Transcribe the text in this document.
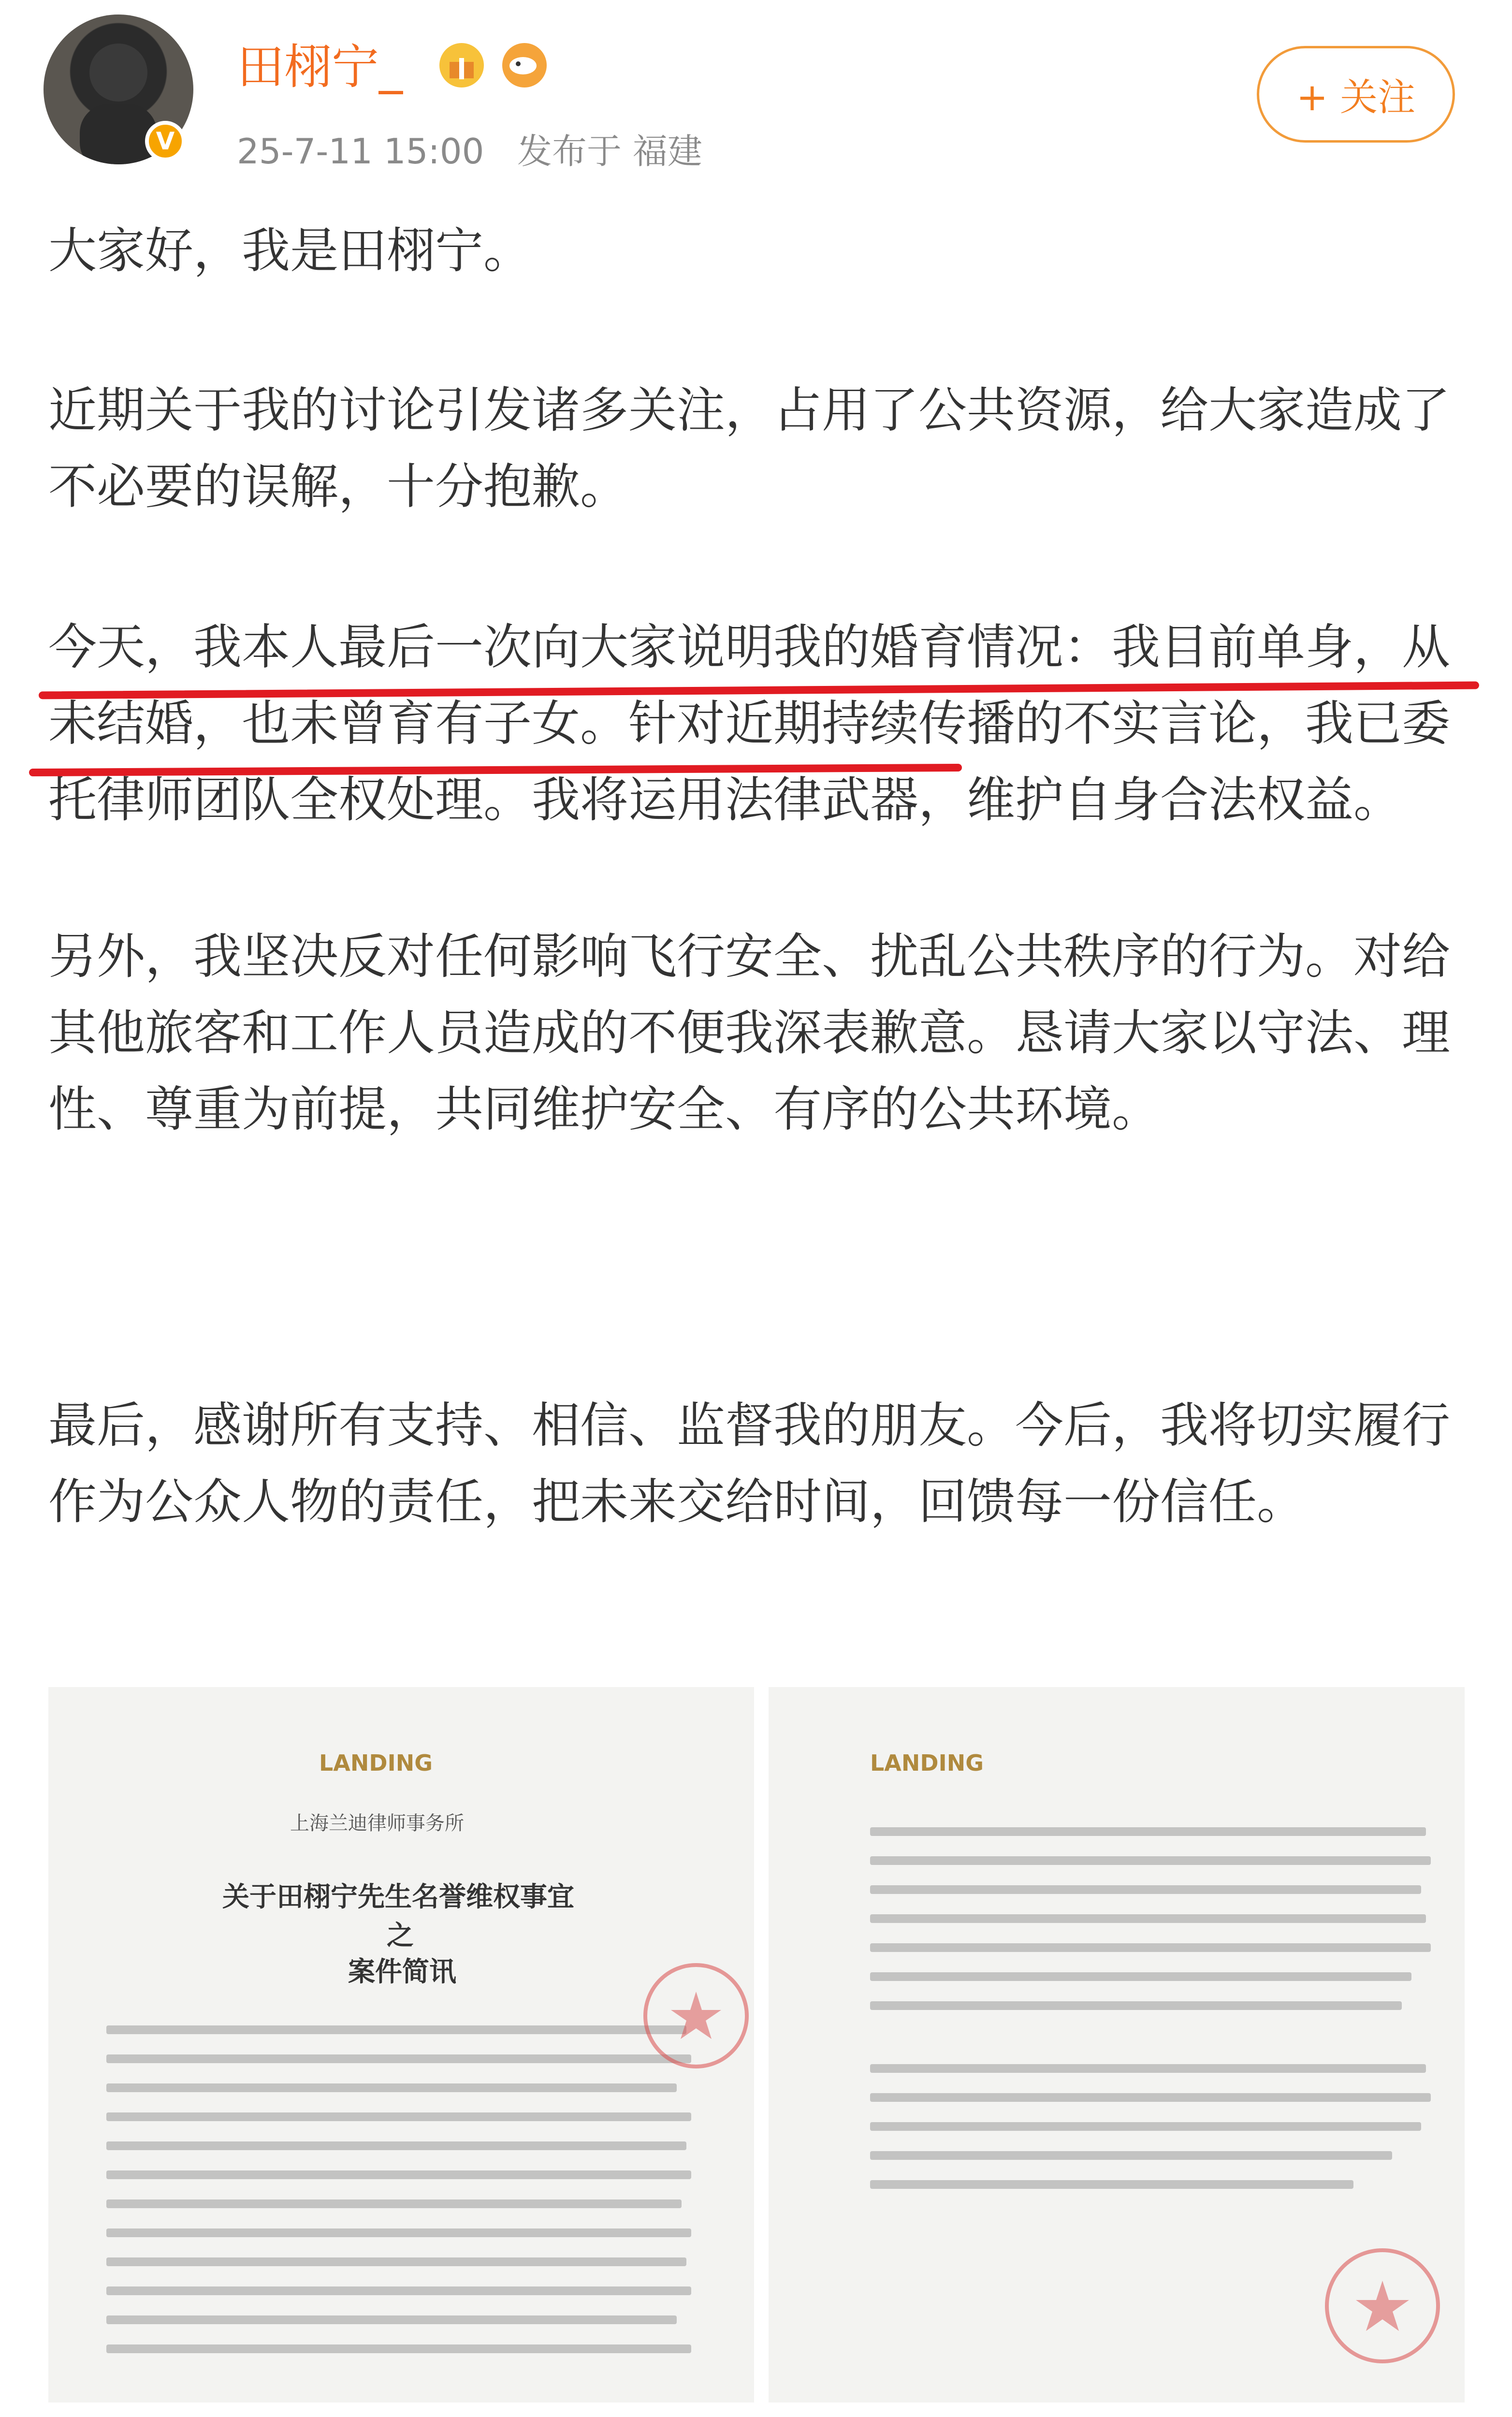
V
田栩宁_
25-7-11 15:00   发布于 福建
+ 关注
大家好，我是田栩宁。
近期关于我的讨论引发诸多关注，占用了公共资源，给大家造成了不必要的误解，十分抱歉。
今天，我本人最后一次向大家说明我的婚育情况：我目前单身，从未结婚，也未曾育有子女。针对近期持续传播的不实言论，我已委托律师团队全权处理。我将运用法律武器，维护自身合法权益。
另外，我坚决反对任何影响飞行安全、扰乱公共秩序的行为。对给其他旅客和工作人员造成的不便我深表歉意。恳请大家以守法、理性、尊重为前提，共同维护安全、有序的公共环境。
最后，感谢所有支持、相信、监督我的朋友。今后，我将切实履行作为公众人物的责任，把未来交给时间，回馈每一份信任。
LANDING
上海兰迪律师事务所
关于田栩宁先生名誉维权事宜
之
案件简讯
LANDING
